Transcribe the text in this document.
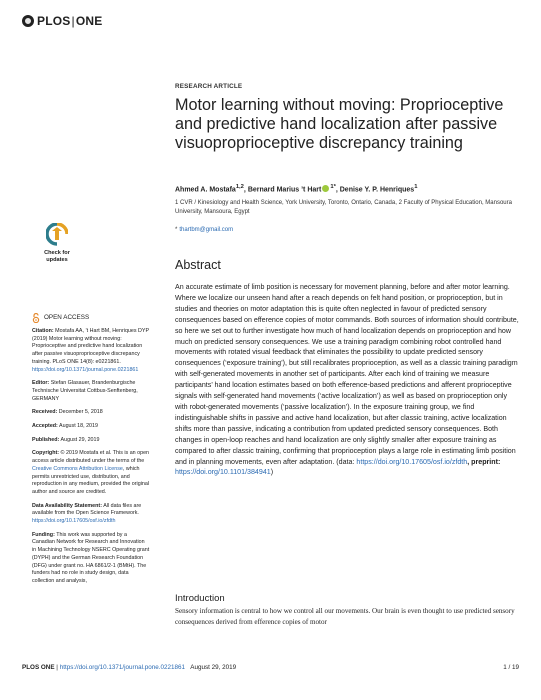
PLOS|ONE
Check for
updates
RESEARCH ARTICLE
Motor learning without moving: Proprioceptive and predictive hand localization after passive visuoproprioceptive discrepancy training
Ahmed A. Mostafa$^{1,2}$, Bernard Marius ’t Hart $^{1*}$, Denise Y. P. Henriques$^1$
1 CVR / Kinesiology and Health Science, York University, Toronto, Ontario, Canada, 2 Faculty of Physical Education, Mansoura University, Mansoura, Egypt
* thartbm@gmail.com
Abstract
An accurate estimate of limb position is necessary for movement planning, before and after motor learning. Where we localize our unseen hand after a reach depends on felt hand position, or proprioception, but in studies and theories on motor adaptation this is quite often neglected in favour of predicted sensory consequences based on efference copies of motor commands. Both sources of information should contribute, so here we set out to further investigate how much of hand localization depends on proprioception and how much on predicted sensory consequences. We use a training paradigm combining robot controlled hand movements with rotated visual feedback that eliminates the possibility to update predicted sensory consequences (‘exposure training’), but still recalibrates proprioception, as well as a classic training paradigm with self-generated movements in another set of participants. After each kind of training we measure participants’ hand location estimates based on both efference-based predictions and afferent proprioceptive signals with self-generated hand movements (‘active localization’) as well as based on proprioception only with robot-generated movements (‘passive localization’). In the exposure training group, we find indistinguishable shifts in passive and active hand localization, but after classic training, active localization shifts more than passive, indicating a contribution from updated predicted sensory consequences. Both changes in open-loop reaches and hand localization are only slightly smaller after exposure training as compared to after classic training, confirming that proprioception plays a large role in estimating limb position and in planning movements, even after adaptation. (data: https://doi.org/10.17605/osf.io/zfdth, preprint: https://doi.org/10.1101/384941)
OPEN ACCESS

Citation: Mostafa AA, ’t Hart BM, Henriques DYP (2019) Motor learning without moving: Proprioceptive and predictive hand localization after passive visuoproprioceptive discrepancy training. PLoS ONE 14(8): e0221861. https://doi.org/10.1371/journal.pone.0221861

Editor: Stefan Glasauer, Brandenburgische Technische Universitat Cottbus-Senftenberg, GERMANY

Received: December 5, 2018

Accepted: August 18, 2019

Published: August 29, 2019

Copyright: © 2019 Mostafa et al. This is an open access article distributed under the terms of the Creative Commons Attribution License, which permits unrestricted use, distribution, and reproduction in any medium, provided the original author and source are credited.

Data Availability Statement: All data files are available from the Open Science Framework. https://doi.org/10.17605/osf.io/zfdth

Funding: This work was supported by a Canadian Network for Research and Innovation in Machining Technology NSERC Operating grant (DYPH) and the German Research Foundation (DFG) under grant no. HA 6861/2-1 (BMtH). The funders had no role in study design, data collection and analysis,

Introduction
Sensory information is central to how we control all our movements. Our brain is even thought to use predicted sensory consequences derived from efference copies of motor
PLOS ONE | https://doi.org/10.1371/journal.pone.0221861 August 29, 2019	1 / 19
